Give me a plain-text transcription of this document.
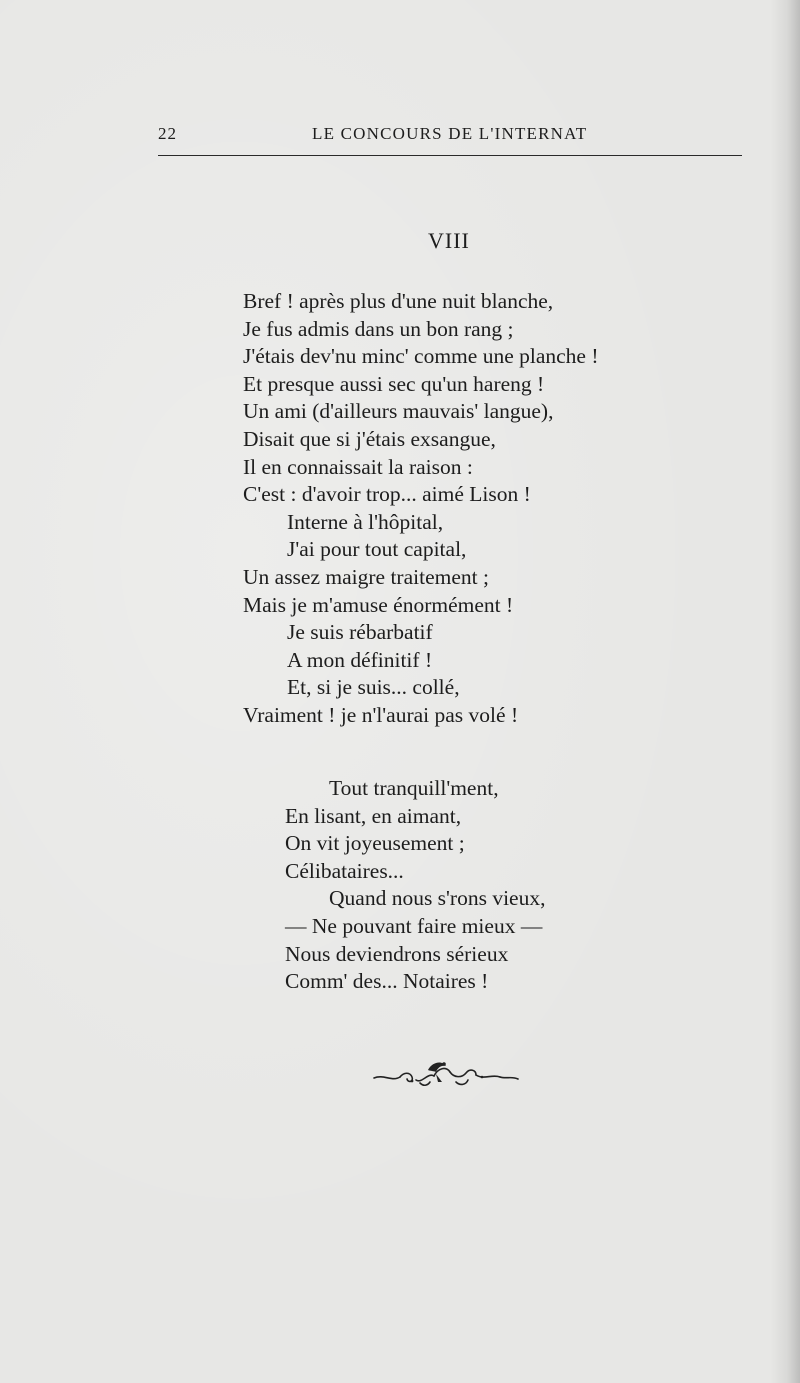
22	LE CONCOURS DE L'INTERNAT
VIII
Bref ! après plus d'une nuit blanche,
Je fus admis dans un bon rang ;
J'étais dev'nu minc' comme une planche !
Et presque aussi sec qu'un hareng !
Un ami (d'ailleurs mauvais' langue),
Disait que si j'étais exsangue,
Il en connaissait la raison :
C'est : d'avoir trop... aimé Lison !
Interne à l'hôpital,
J'ai pour tout capital,
Un assez maigre traitement ;
Mais je m'amuse énormément !
Je suis rébarbatif
A mon définitif !
Et, si je suis... collé,
Vraiment ! je n'l'aurai pas volé !
Tout tranquill'ment,
En lisant, en aimant,
On vit joyeusement ;
Célibataires...
Quand nous s'rons vieux,
— Ne pouvant faire mieux —
Nous deviendrons sérieux
Comm' des... Notaires !
